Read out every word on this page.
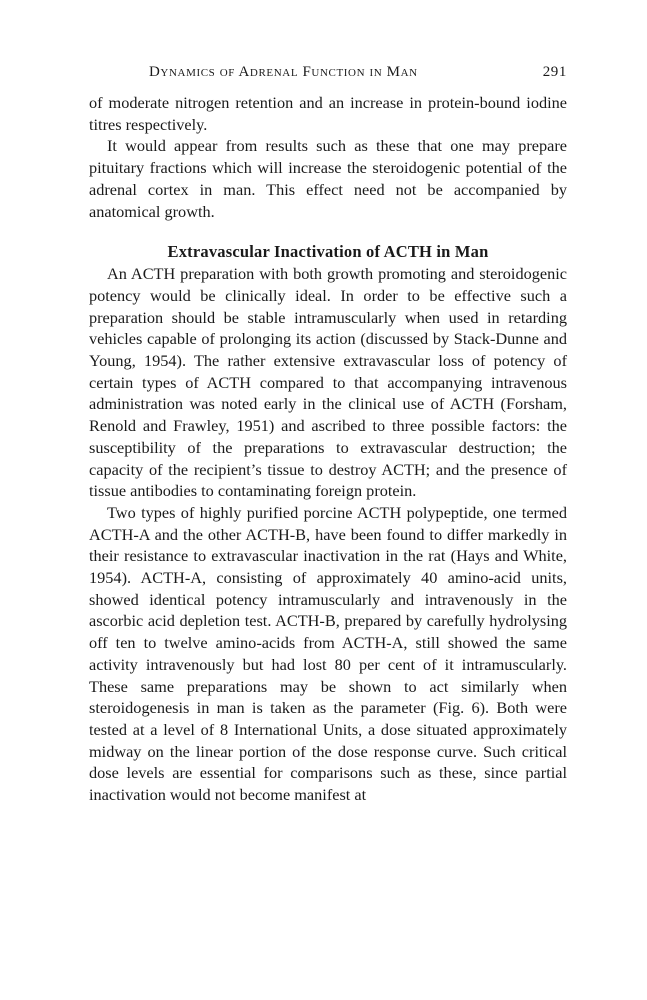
Dynamics of Adrenal Function in Man	291

of moderate nitrogen retention and an increase in protein-bound iodine titres respectively.

It would appear from results such as these that one may prepare pituitary fractions which will increase the steroidogenic potential of the adrenal cortex in man. This effect need not be accompanied by anatomical growth.

Extravascular Inactivation of ACTH in Man

An ACTH preparation with both growth promoting and steroidogenic potency would be clinically ideal. In order to be effective such a preparation should be stable intramuscularly when used in retarding vehicles capable of prolonging its action (discussed by Stack-Dunne and Young, 1954). The rather extensive extravascular loss of potency of certain types of ACTH compared to that accompanying intravenous administration was noted early in the clinical use of ACTH (Forsham, Renold and Frawley, 1951) and ascribed to three possible factors: the susceptibility of the preparations to extravascular destruction; the capacity of the recipient’s tissue to destroy ACTH; and the presence of tissue antibodies to contaminating foreign protein.

Two types of highly purified porcine ACTH polypeptide, one termed ACTH-A and the other ACTH-B, have been found to differ markedly in their resistance to extravascular inactivation in the rat (Hays and White, 1954). ACTH-A, consisting of approximately 40 amino-acid units, showed identical potency intramuscularly and intravenously in the ascorbic acid depletion test. ACTH-B, prepared by carefully hydrolysing off ten to twelve amino-acids from ACTH-A, still showed the same activity intravenously but had lost 80 per cent of it intramuscularly. These same preparations may be shown to act similarly when steroidogenesis in man is taken as the parameter (Fig. 6). Both were tested at a level of 8 International Units, a dose situated approximately midway on the linear portion of the dose response curve. Such critical dose levels are essential for comparisons such as these, since partial inactivation would not become manifest at
